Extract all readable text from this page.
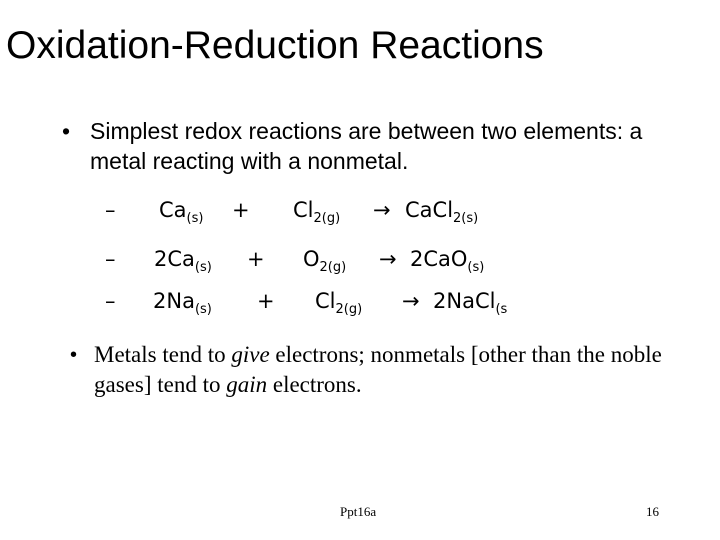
Oxidation-Reduction Reactions
• Simplest redox reactions are between two elements: a metal reacting with a nonmetal.
– $Ca_{(s)} + Cl_{2(g)}$ → CaCl$_{2(s)}$
– $2Ca_{(s)} + O_{2(g)} \to 2CaO_{(s)}$
– $2Na_{(s)} + Cl_{2(g)}$ → 2NaCl$_{(s}$
• Metals tend to give electrons; nonmetals [other than the noble gases] tend to gain electrons.
Ppt16a	16
